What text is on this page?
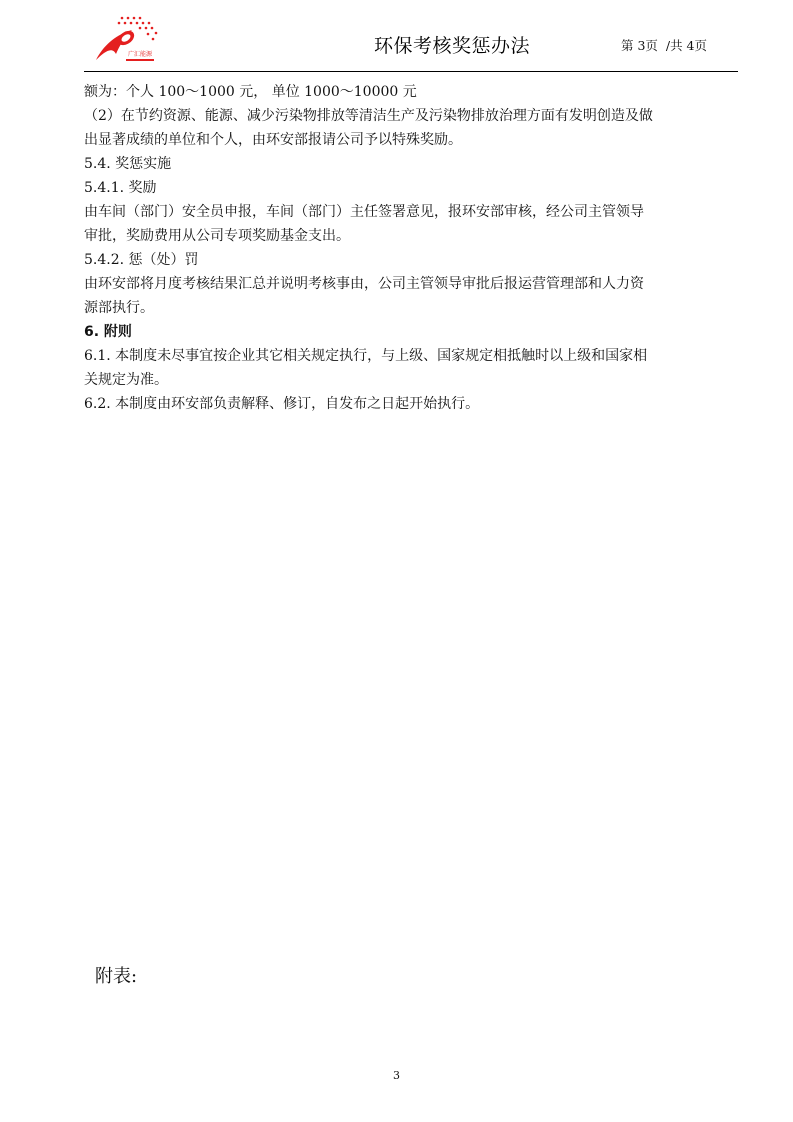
广汇能源	环保考核奖惩办法	第 3页  /共 4页

额为：个人 100～1000 元， 单位 1000～10000 元

（2）在节约资源、能源、减少污染物排放等清洁生产及污染物排放治理方面有发明创造及做

出显著成绩的单位和个人，由环安部报请公司予以特殊奖励。

5.4. 奖惩实施

5.4.1. 奖励

由车间（部门）安全员申报，车间（部门）主任签署意见，报环安部审核，经公司主管领导

审批，奖励费用从公司专项奖励基金支出。

5.4.2. 惩（处）罚

由环安部将月度考核结果汇总并说明考核事由，公司主管领导审批后报运营管理部和人力资

源部执行。

6. 附则

6.1. 本制度未尽事宜按企业其它相关规定执行，与上级、国家规定相抵触时以上级和国家相

关规定为准。

6.2. 本制度由环安部负责解释、修订，自发布之日起开始执行。

附表:
3
